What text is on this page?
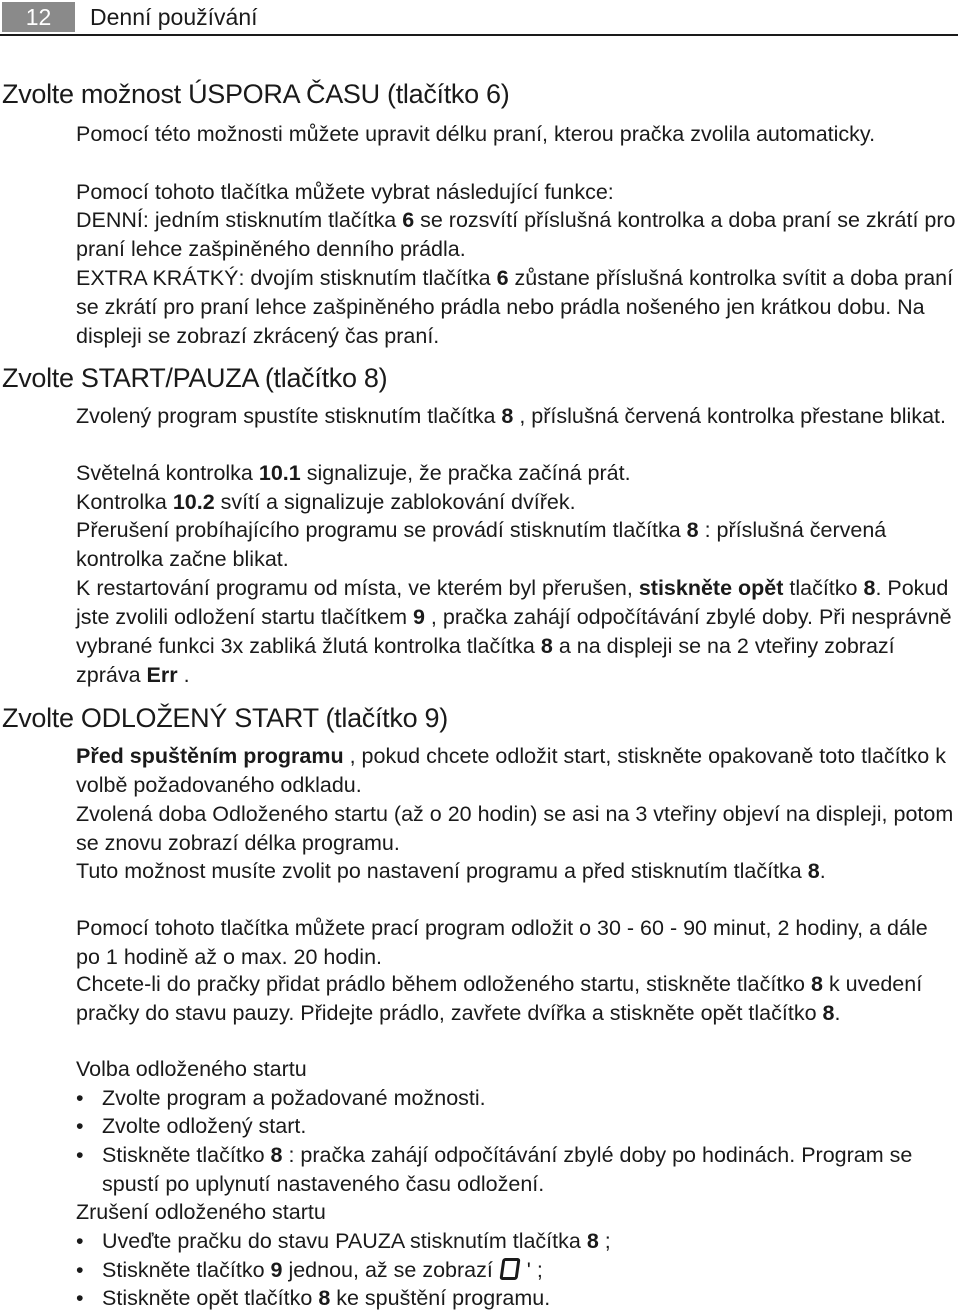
12	Denní používání
Zvolte možnost ÚSPORA ČASU (tlačítko 6)

Pomocí této možnosti můžete upravit délku praní, kterou pračka zvolila automaticky.

Pomocí tohoto tlačítka můžete vybrat následující funkce:

DENNÍ: jedním stisknutím tlačítka 6 se rozsvítí příslušná kontrolka a doba praní se zkrátí pro praní lehce zašpiněného denního prádla.

EXTRA KRÁTKÝ: dvojím stisknutím tlačítka 6 zůstane příslušná kontrolka svítit a doba praní se zkrátí pro praní lehce zašpiněného prádla nebo prádla nošeného jen krátkou dobu. Na displeji se zobrazí zkrácený čas praní.

Zvolte START/PAUZA (tlačítko 8)

Zvolený program spustíte stisknutím tlačítka 8 , příslušná červená kontrolka přestane blikat.

Světelná kontrolka 10.1 signalizuje, že pračka začíná prát.

Kontrolka 10.2 svítí a signalizuje zablokování dvířek.

Přerušení probíhajícího programu se provádí stisknutím tlačítka 8 : příslušná červená kontrolka začne blikat.

K restartování programu od místa, ve kterém byl přerušen, stiskněte opět tlačítko 8. Pokud jste zvolili odložení startu tlačítkem 9 , pračka zahájí odpočítávání zbylé doby. Při nesprávně vybrané funkci 3x zabliká žlutá kontrolka tlačítka 8 a na displeji se na 2 vteřiny zobrazí zpráva Err .

Zvolte ODLOŽENÝ START (tlačítko 9)

Před spuštěním programu , pokud chcete odložit start, stiskněte opakovaně toto tlačítko k volbě požadovaného odkladu.

Zvolená doba Odloženého startu (až o 20 hodin) se asi na 3 vteřiny objeví na displeji, potom se znovu zobrazí délka programu.

Tuto možnost musíte zvolit po nastavení programu a před stisknutím tlačítka 8.

Pomocí tohoto tlačítka můžete prací program odložit o 30 - 60 - 90 minut, 2 hodiny, a dále po 1 hodině až o max. 20 hodin.

Chcete-li do pračky přidat prádlo během odloženého startu, stiskněte tlačítko 8 k uvedení pračky do stavu pauzy. Přidejte prádlo, zavřete dvířka a stiskněte opět tlačítko 8.

Volba odloženého startu

• Zvolte program a požadované možnosti.
• Zvolte odložený start.
• Stiskněte tlačítko 8 : pračka zahájí odpočítávání zbylé doby po hodinách. Program se spustí po uplynutí nastaveného času odložení.

Zrušení odloženého startu

• Uveďte pračku do stavu PAUZA stisknutím tlačítka 8 ;
• Stiskněte tlačítko 9 jednou, až se zobrazí  ' ;
• Stiskněte opět tlačítko 8 ke spuštění programu.
